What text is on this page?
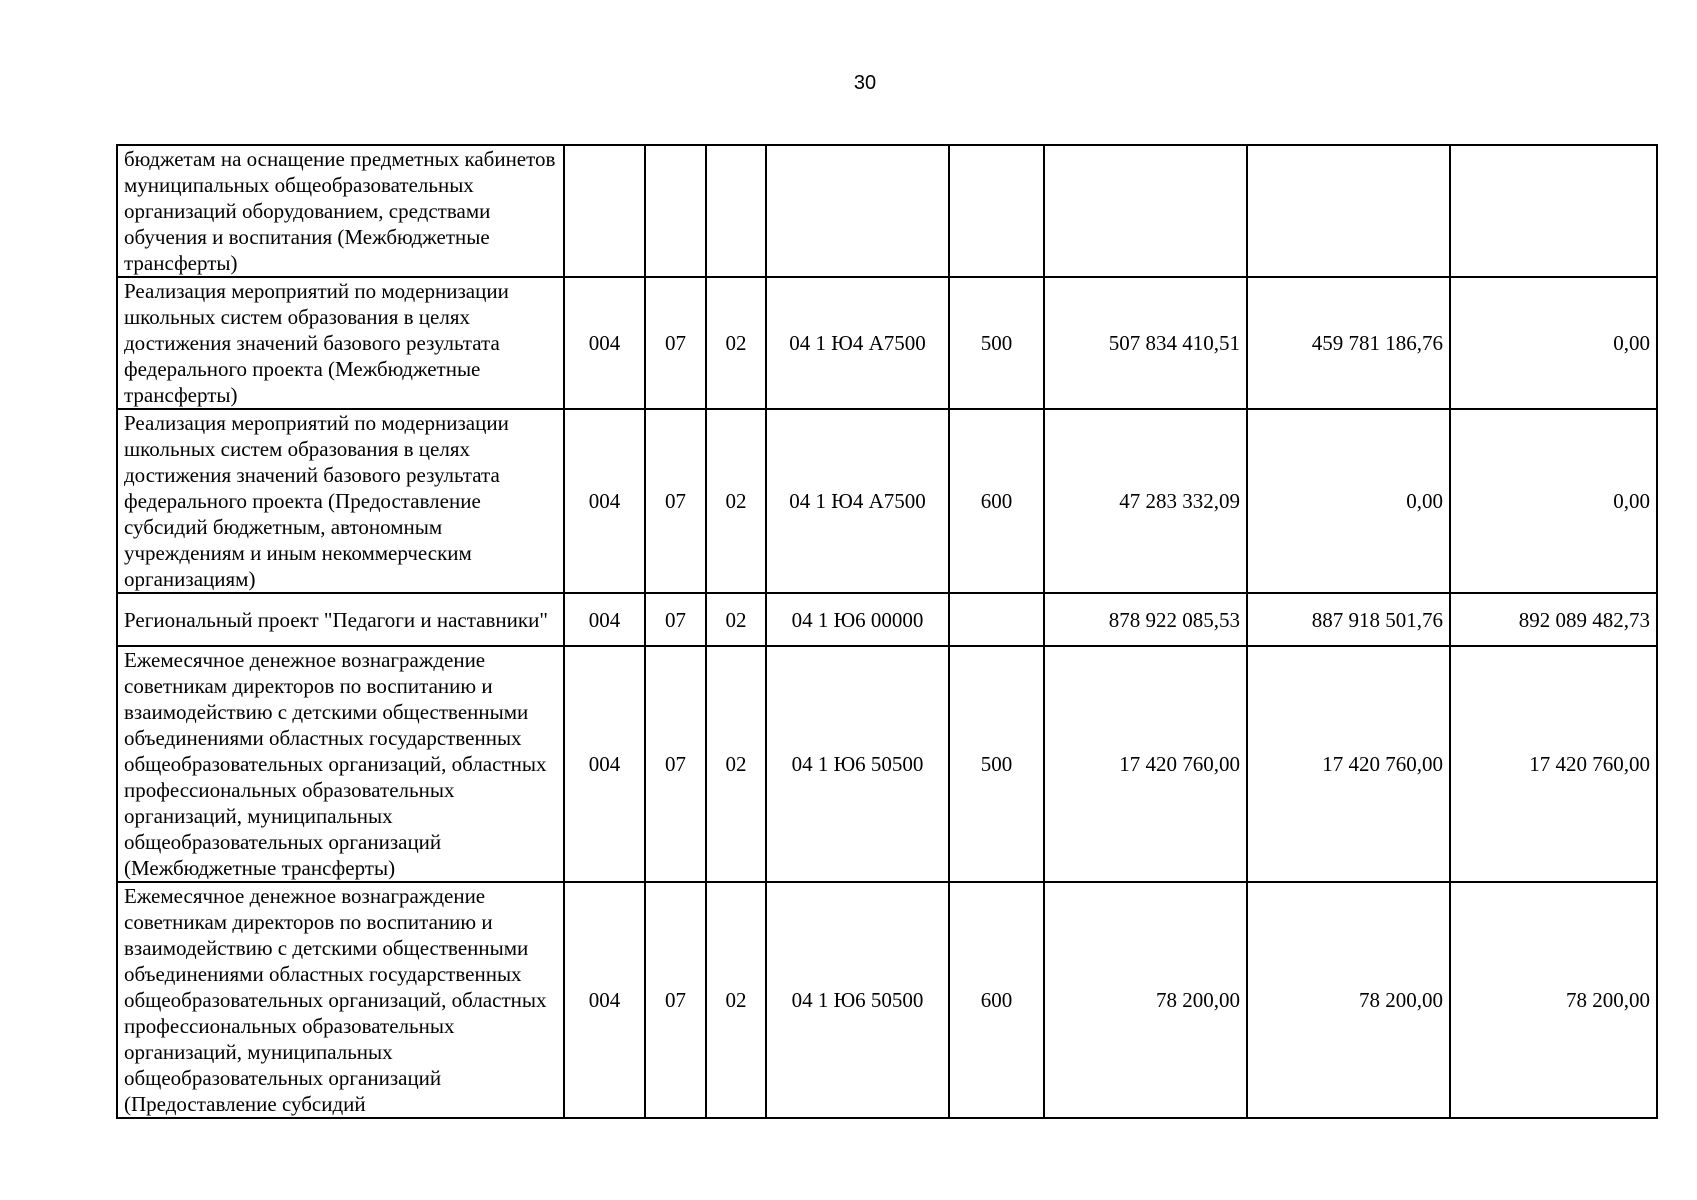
30
бюджетам на оснащение предметных кабинетов муниципальных общеобразовательных организаций оборудованием, средствами обучения и воспитания (Межбюджетные трансферты)								
Реализация мероприятий по модернизации школьных систем образования в целях достижения значений базового результата федерального проекта (Межбюджетные трансферты)	004	07	02	04 1 Ю4 А7500	500	507 834 410,51	459 781 186,76	0,00
Реализация мероприятий по модернизации школьных систем образования в целях достижения значений базового результата федерального проекта (Предоставление субсидий бюджетным, автономным учреждениям и иным некоммерческим организациям)	004	07	02	04 1 Ю4 А7500	600	47 283 332,09	0,00	0,00
Региональный проект "Педагоги и наставники"	004	07	02	04 1 Ю6 00000		878 922 085,53	887 918 501,76	892 089 482,73
Ежемесячное денежное вознаграждение советникам директоров по воспитанию и взаимодействию с детскими общественными объединениями областных государственных общеобразовательных организаций, областных профессиональных образовательных организаций, муниципальных общеобразовательных организаций (Межбюджетные трансферты)	004	07	02	04 1 Ю6 50500	500	17 420 760,00	17 420 760,00	17 420 760,00
Ежемесячное денежное вознаграждение советникам директоров по воспитанию и взаимодействию с детскими общественными объединениями областных государственных общеобразовательных организаций, областных профессиональных образовательных организаций, муниципальных общеобразовательных организаций (Предоставление субсидий	004	07	02	04 1 Ю6 50500	600	78 200,00	78 200,00	78 200,00
